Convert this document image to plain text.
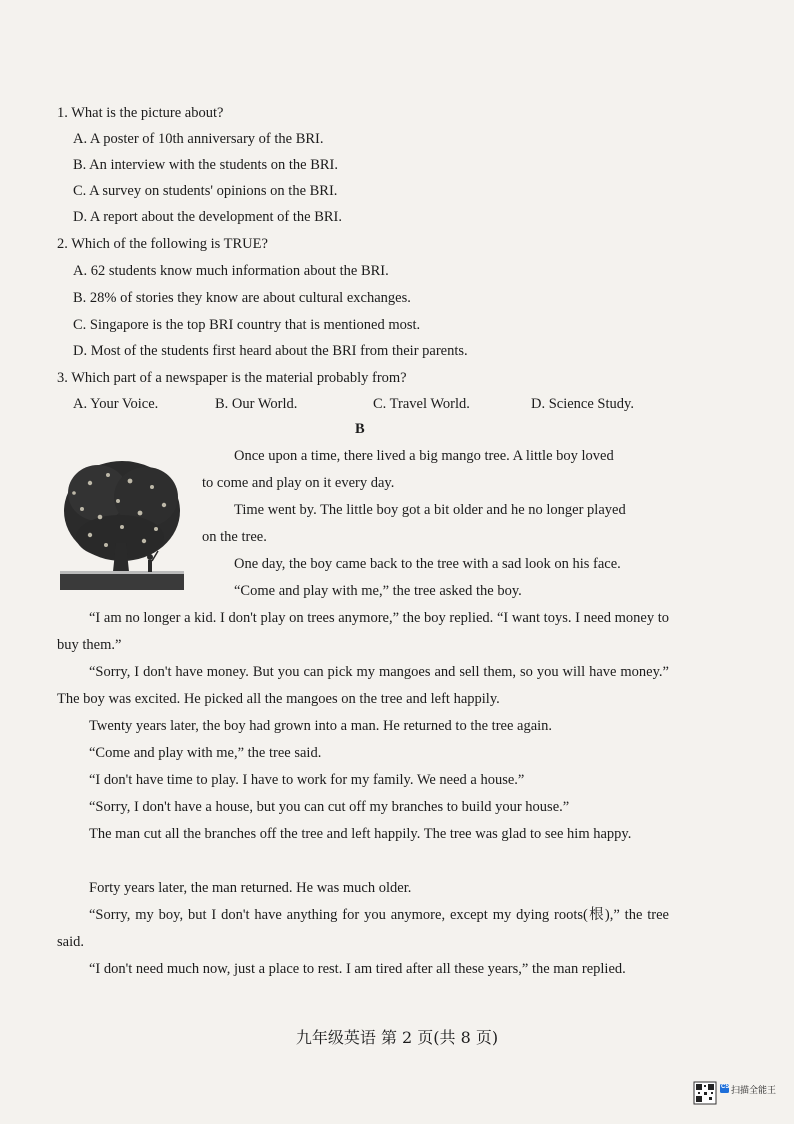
1. What is the picture about?
A. A poster of 10th anniversary of the BRI.
B. An interview with the students on the BRI.
C. A survey on students' opinions on the BRI.
D. A report about the development of the BRI.
2. Which of the following is TRUE?
A. 62 students know much information about the BRI.
B. 28% of stories they know are about cultural exchanges.
C. Singapore is the top BRI country that is mentioned most.
D. Most of the students first heard about the BRI from their parents.
3. Which part of a newspaper is the material probably from?
A. Your Voice.	B. Our World.	C. Travel World.	D. Science Study.
B
Once upon a time, there lived a big mango tree. A little boy loved
to come and play on it every day.
Time went by. The little boy got a bit older and he no longer played
on the tree.
One day, the boy came back to the tree with a sad look on his face.
“Come and play with me,” the tree asked the boy.
“I am no longer a kid. I don't play on trees anymore,” the boy replied. “I want toys. I need money to buy them.”
“Sorry, I don't have money. But you can pick my mangoes and sell them, so you will have money.” The boy was excited. He picked all the mangoes on the tree and left happily.
Twenty years later, the boy had grown into a man. He returned to the tree again.
“Come and play with me,” the tree said.
“I don't have time to play. I have to work for my family. We need a house.”
“Sorry, I don't have a house, but you can cut off my branches to build your house.”
The man cut all the branches off the tree and left happily. The tree was glad to see him happy.
Forty years later, the man returned. He was much older.
“Sorry, my boy, but I don't have anything for you anymore, except my dying roots(根),” the tree said.
“I don't need much now, just a place to rest. I am tired after all these years,” the man replied.
九年级英语 第 2 页(共 8 页)
CS 扫描全能王
